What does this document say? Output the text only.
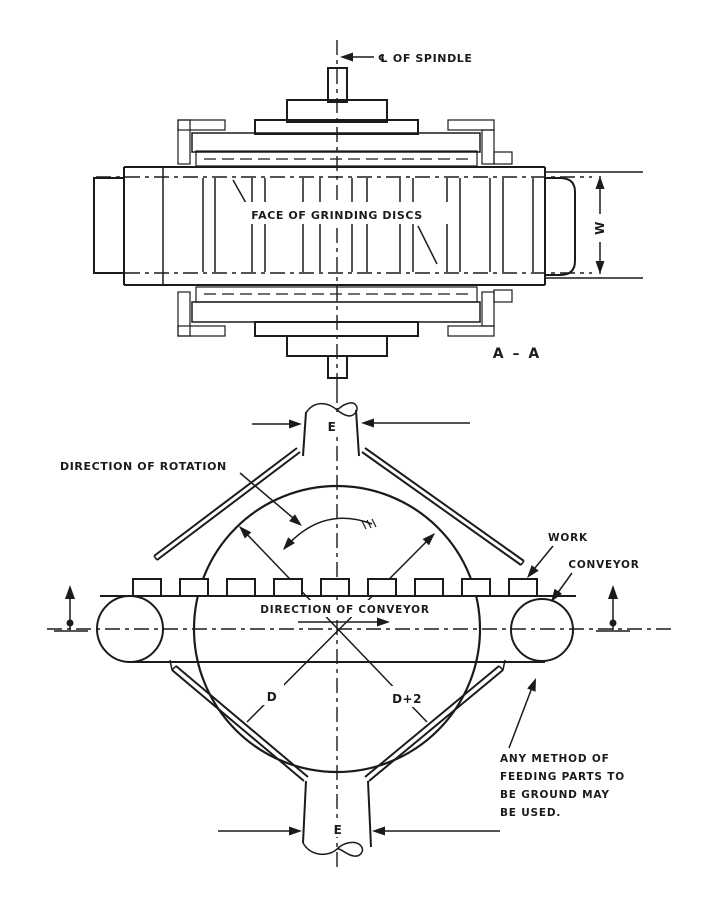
W
℄ OF SPINDLE
FACE OF GRINDING DISCS
A – A
E
DIRECTION OF ROTATION
DIRECTION OF CONVEYOR
D	D+2
WORK
CONVEYOR
E
ANY METHOD OF
FEEDING PARTS TO
BE GROUND MAY
BE USED.
